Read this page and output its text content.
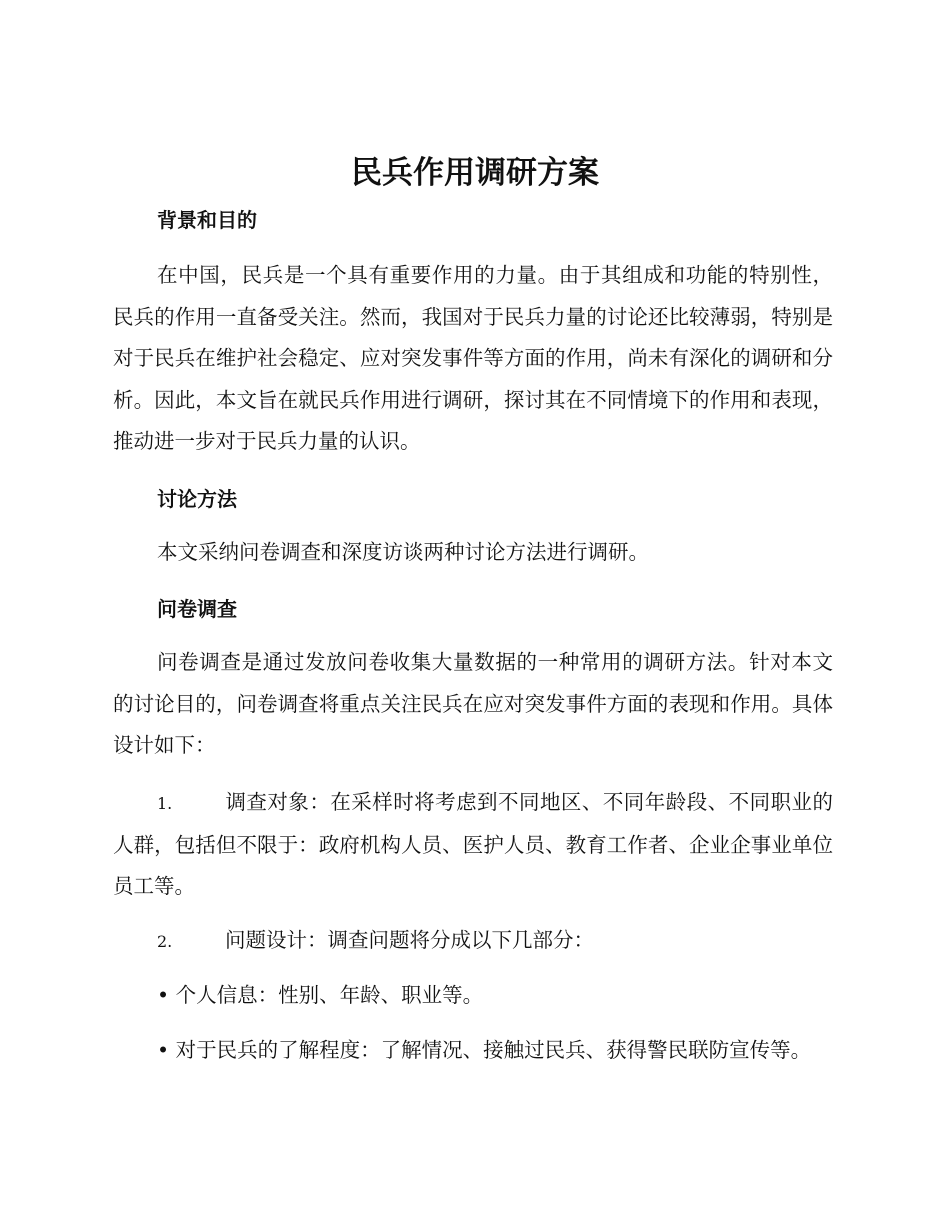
民兵作用调研方案
背景和目的

在中国，民兵是一个具有重要作用的力量。由于其组成和功能的特别性，民兵的作用一直备受关注。然而，我国对于民兵力量的讨论还比较薄弱，特别是对于民兵在维护社会稳定、应对突发事件等方面的作用，尚未有深化的调研和分析。因此，本文旨在就民兵作用进行调研，探讨其在不同情境下的作用和表现，推动进一步对于民兵力量的认识。

讨论方法

本文采纳问卷调查和深度访谈两种讨论方法进行调研。

问卷调查

问卷调查是通过发放问卷收集大量数据的一种常用的调研方法。针对本文的讨论目的，问卷调查将重点关注民兵在应对突发事件方面的表现和作用。具体设计如下：

1.	调查对象：在采样时将考虑到不同地区、不同年龄段、不同职业的人群，包括但不限于：政府机构人员、医护人员、教育工作者、企业企事业单位员工等。

2.	问题设计：调查问题将分成以下几部分：

• 个人信息：性别、年龄、职业等。

• 对于民兵的了解程度：了解情况、接触过民兵、获得警民联防宣传等。
